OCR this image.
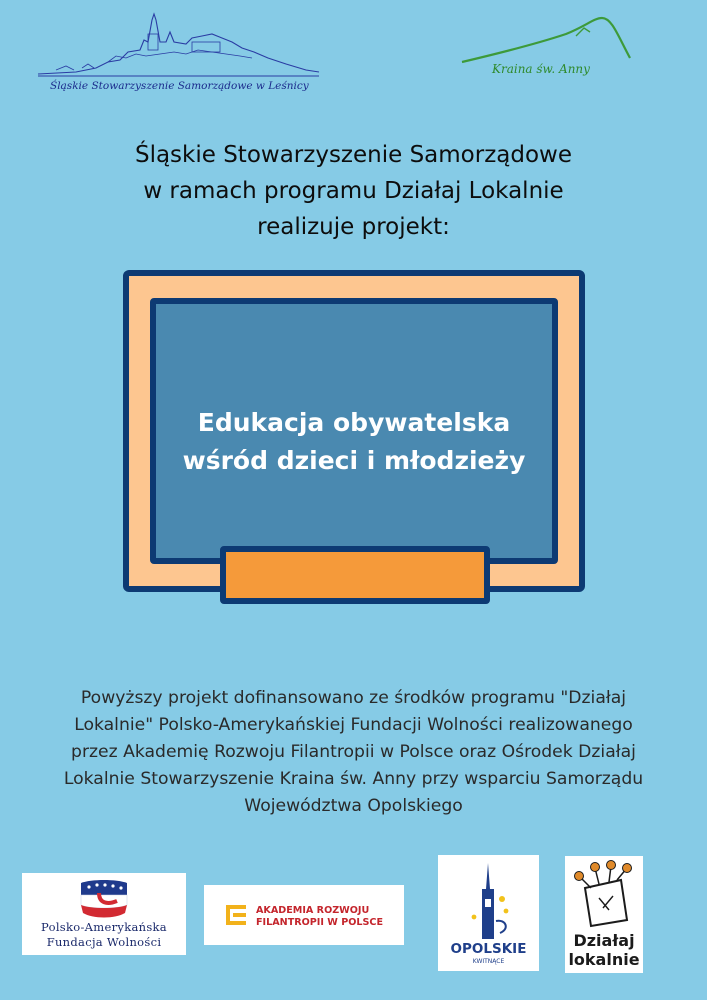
Śląskie Stowarzyszenie Samorządowe w Leśnicy
Kraina św. Anny
Śląskie Stowarzyszenie Samorządowe
w ramach programu Działaj Lokalnie
realizuje projekt:
Edukacja obywatelska
wśród dzieci i młodzieży
Powyższy projekt dofinansowano ze środków programu "Działaj
Lokalnie" Polsko-Amerykańskiej Fundacji Wolności realizowanego
przez Akademię Rozwoju Filantropii w Polsce oraz Ośrodek Działaj
Lokalnie Stowarzyszenie Kraina św. Anny przy wsparciu Samorządu
Województwa Opolskiego
Polsko-Amerykańska
Fundacja Wolności
AKADEMIA ROZWOJU
FILANTROPII W POLSCE
OPOLSKIE
KWITNĄCE
Działaj
lokalnie
